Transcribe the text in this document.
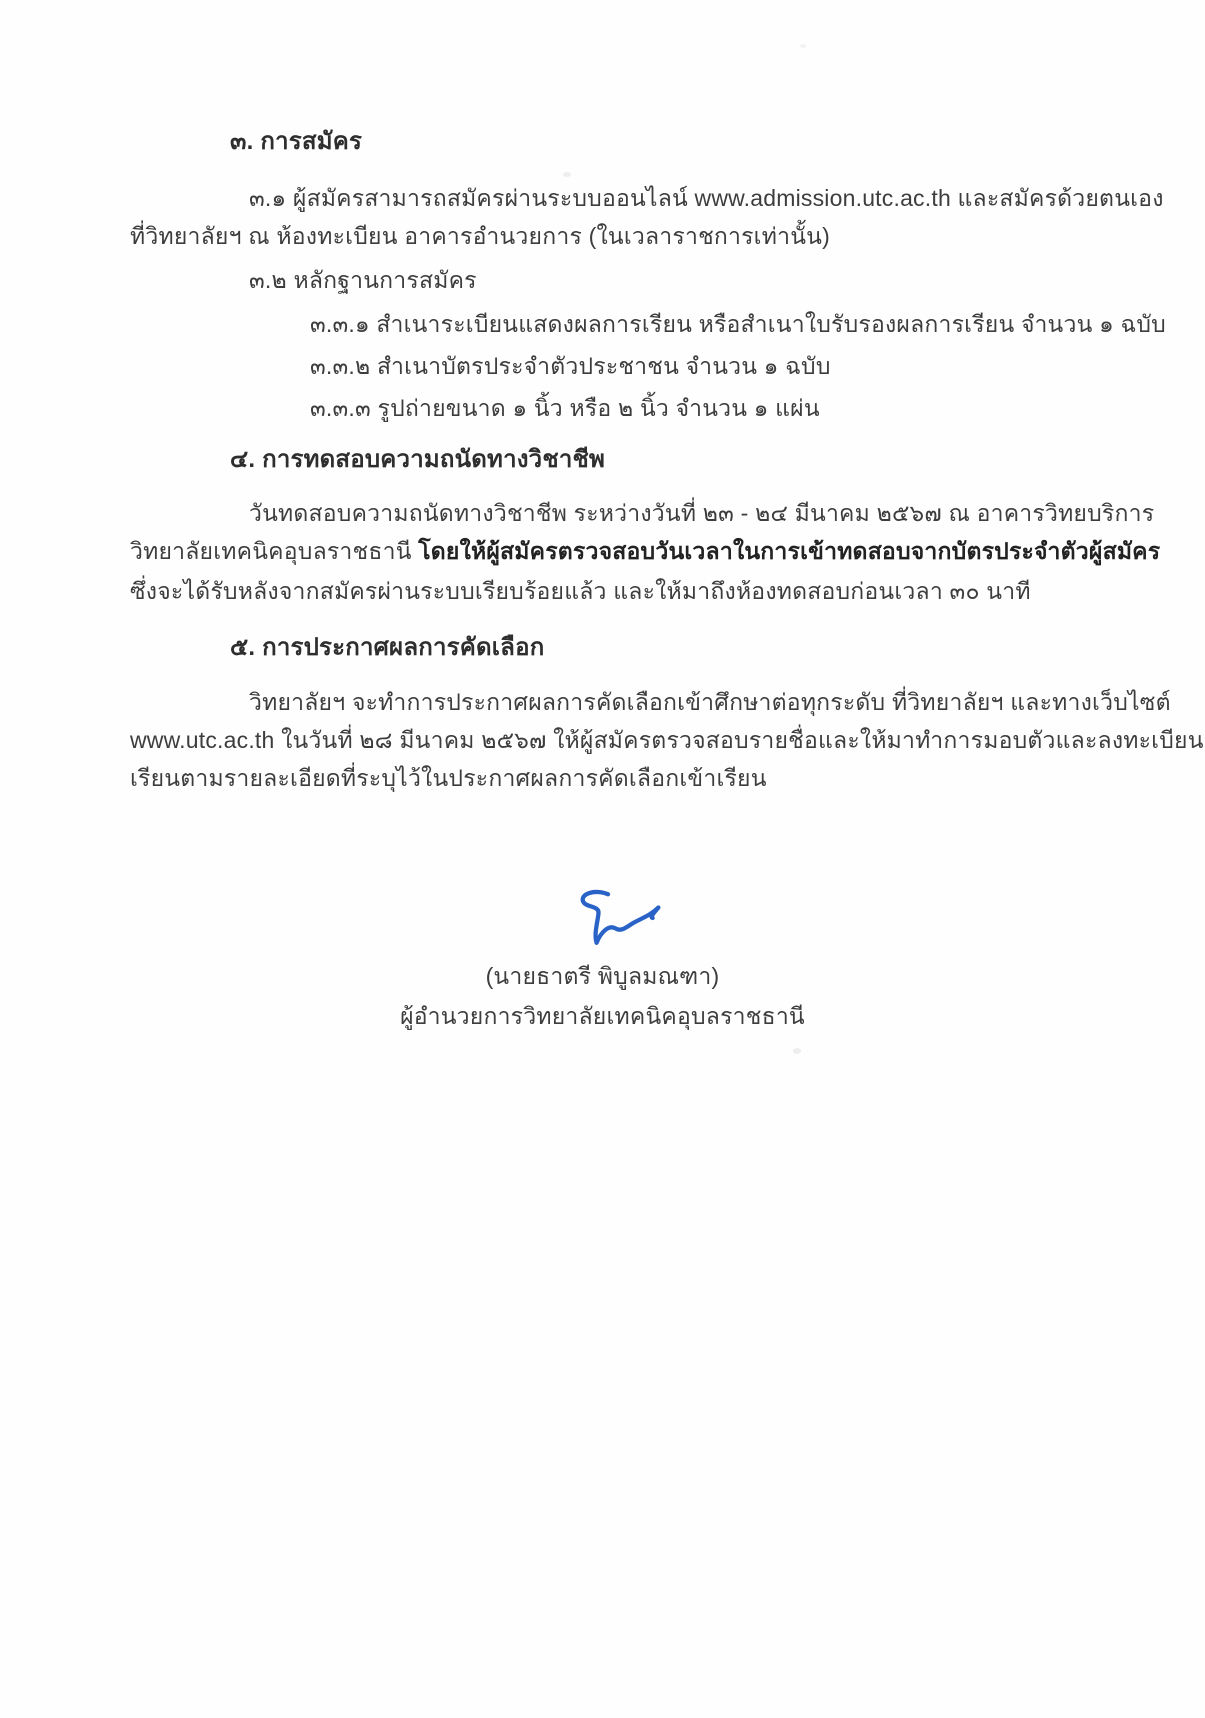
๓. การสมัคร
๓.๑ ผู้สมัครสามารถสมัครผ่านระบบออนไลน์ www.admission.utc.ac.th และสมัครด้วยตนเอง
ที่วิทยาลัยฯ ณ ห้องทะเบียน อาคารอำนวยการ (ในเวลาราชการเท่านั้น)
๓.๒ หลักฐานการสมัคร
๓.๓.๑ สำเนาระเบียนแสดงผลการเรียน หรือสำเนาใบรับรองผลการเรียน จำนวน ๑ ฉบับ
๓.๓.๒ สำเนาบัตรประจำตัวประชาชน จำนวน ๑ ฉบับ
๓.๓.๓ รูปถ่ายขนาด ๑ นิ้ว หรือ ๒ นิ้ว จำนวน ๑ แผ่น
๔. การทดสอบความถนัดทางวิชาชีพ
วันทดสอบความถนัดทางวิชาชีพ ระหว่างวันที่ ๒๓ - ๒๔ มีนาคม ๒๕๖๗ ณ อาคารวิทยบริการ
วิทยาลัยเทคนิคอุบลราชธานี โดยให้ผู้สมัครตรวจสอบวันเวลาในการเข้าทดสอบจากบัตรประจำตัวผู้สมัคร
ซึ่งจะได้รับหลังจากสมัครผ่านระบบเรียบร้อยแล้ว และให้มาถึงห้องทดสอบก่อนเวลา ๓๐ นาที
๕. การประกาศผลการคัดเลือก
วิทยาลัยฯ จะทำการประกาศผลการคัดเลือกเข้าศึกษาต่อทุกระดับ ที่วิทยาลัยฯ และทางเว็บไซต์
www.utc.ac.th ในวันที่ ๒๘ มีนาคม ๒๕๖๗ ให้ผู้สมัครตรวจสอบรายชื่อและให้มาทำการมอบตัวและลงทะเบียน
เรียนตามรายละเอียดที่ระบุไว้ในประกาศผลการคัดเลือกเข้าเรียน
(นายธาตรี พิบูลมณฑา)
ผู้อำนวยการวิทยาลัยเทคนิคอุบลราชธานี
